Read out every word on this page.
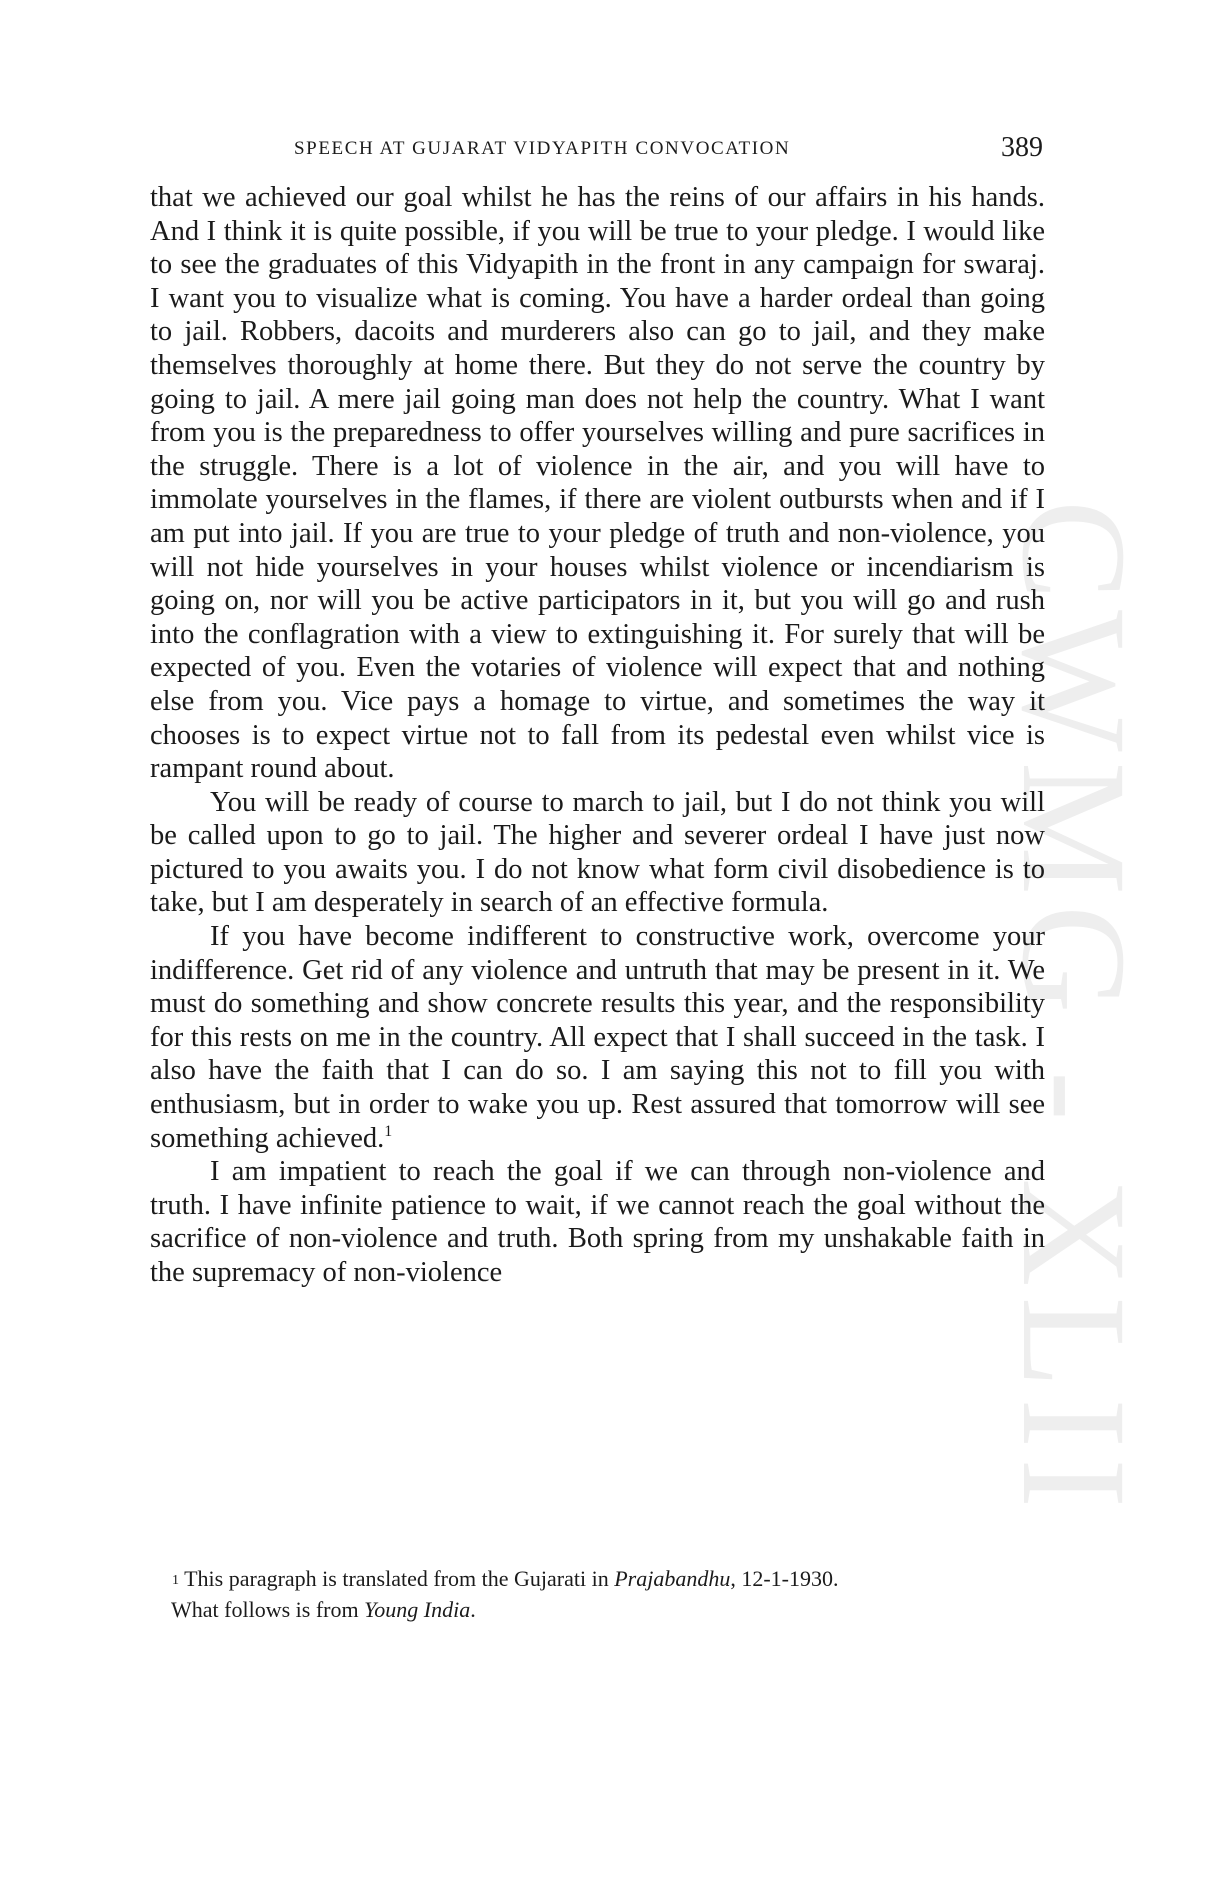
CWMG - XLII
SPEECH AT GUJARAT VIDYAPITH CONVOCATION	389

that we achieved our goal whilst he has the reins of our affairs in his hands. And I think it is quite possible, if you will be true to your pledge. I would like to see the graduates of this Vidyapith in the front in any campaign for swaraj. I want you to visualize what is coming. You have a harder ordeal than going to jail. Robbers, dacoits and murderers also can go to jail, and they make themselves thoroughly at home there. But they do not serve the country by going to jail. A mere jail going man does not help the country. What I want from you is the preparedness to offer yourselves willing and pure sacrifices in the struggle. There is a lot of violence in the air, and you will have to immolate yourselves in the flames, if there are violent outbursts when and if I am put into jail. If you are true to your pledge of truth and non-violence, you will not hide yourselves in your houses whilst violence or incendiarism is going on, nor will you be active participators in it, but you will go and rush into the conflagration with a view to extinguishing it. For surely that will be expected of you. Even the votaries of violence will expect that and nothing else from you. Vice pays a homage to virtue, and sometimes the way it chooses is to expect virtue not to fall from its pedestal even whilst vice is rampant round about.

You will be ready of course to march to jail, but I do not think you will be called upon to go to jail. The higher and severer ordeal I have just now pictured to you awaits you. I do not know what form civil disobedience is to take, but I am desperately in search of an effective formula.

If you have become indifferent to constructive work, overcome your indifference. Get rid of any violence and untruth that may be present in it. We must do something and show concrete results this year, and the responsibility for this rests on me in the country. All expect that I shall succeed in the task. I also have the faith that I can do so. I am saying this not to fill you with enthusiasm, but in order to wake you up. Rest assured that tomorrow will see something achieved.$^1$

I am impatient to reach the goal if we can through non-violence and truth. I have infinite patience to wait, if we cannot reach the goal without the sacrifice of non-violence and truth. Both spring from my unshakable faith in the supremacy of non-violence

$^1$ This paragraph is translated from the Gujarati in Prajabandhu, 12-1-1930.
What follows is from Young India.
